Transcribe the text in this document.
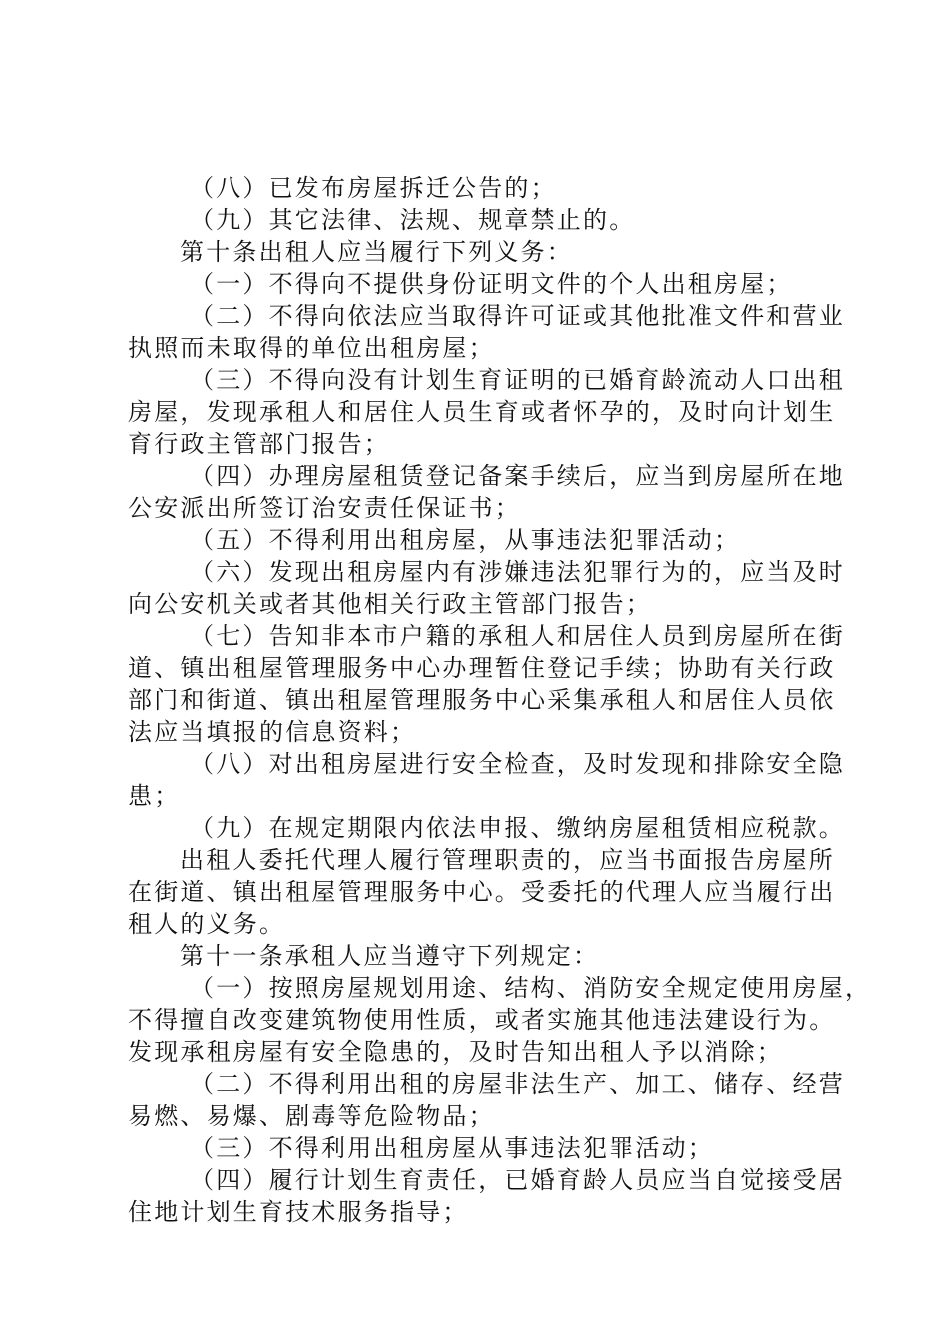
（八）已发布房屋拆迁公告的；

（九）其它法律、法规、规章禁止的。

第十条出租人应当履行下列义务：

（一）不得向不提供身份证明文件的个人出租房屋；

（二）不得向依法应当取得许可证或其他批准文件和营业
执照而未取得的单位出租房屋；

（三）不得向没有计划生育证明的已婚育龄流动人口出租
房屋，发现承租人和居住人员生育或者怀孕的，及时向计划生
育行政主管部门报告；

（四）办理房屋租赁登记备案手续后，应当到房屋所在地
公安派出所签订治安责任保证书；

（五）不得利用出租房屋，从事违法犯罪活动；

（六）发现出租房屋内有涉嫌违法犯罪行为的，应当及时
向公安机关或者其他相关行政主管部门报告；

（七）告知非本市户籍的承租人和居住人员到房屋所在街
道、镇出租屋管理服务中心办理暂住登记手续；协助有关行政
部门和街道、镇出租屋管理服务中心采集承租人和居住人员依
法应当填报的信息资料；

（八）对出租房屋进行安全检查，及时发现和排除安全隐
患；

（九）在规定期限内依法申报、缴纳房屋租赁相应税款。

出租人委托代理人履行管理职责的，应当书面报告房屋所
在街道、镇出租屋管理服务中心。受委托的代理人应当履行出
租人的义务。

第十一条承租人应当遵守下列规定：

（一）按照房屋规划用途、结构、消防安全规定使用房屋，
不得擅自改变建筑物使用性质，或者实施其他违法建设行为。
发现承租房屋有安全隐患的，及时告知出租人予以消除；

（二）不得利用出租的房屋非法生产、加工、储存、经营
易燃、易爆、剧毒等危险物品；

（三）不得利用出租房屋从事违法犯罪活动；

（四）履行计划生育责任，已婚育龄人员应当自觉接受居
住地计划生育技术服务指导；
